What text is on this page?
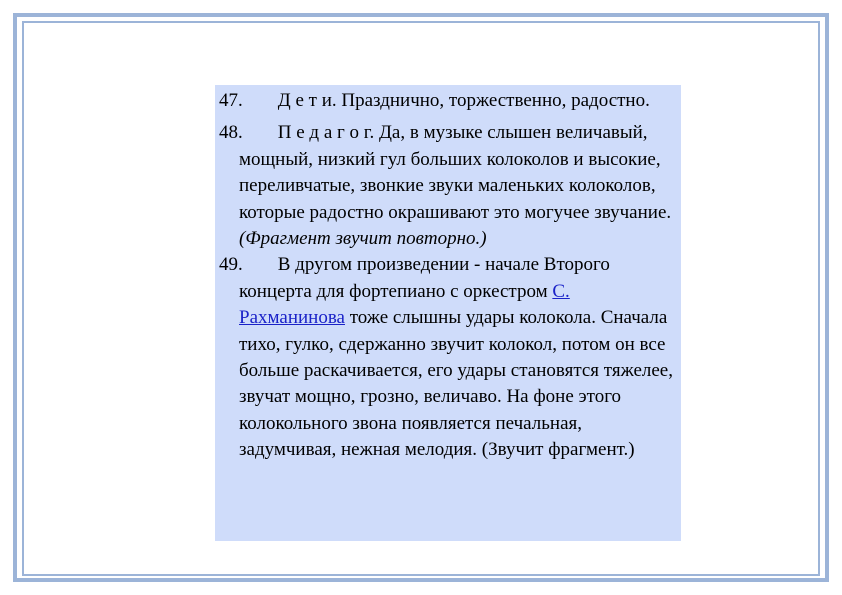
47. Д е т и. Празднично, торжественно, радостно.
48. П е д а г о г. Да, в музыке слышен величавый, мощный, низкий гул больших колоколов и высокие, переливчатые, звонкие звуки маленьких колоколов, которые радостно окрашивают это могучее звучание. (Фрагмент звучит повторно.)
49. В другом произведении - начале Второго концерта для фортепиано с оркестром С. Рахманинова тоже слышны удары колокола. Сначала тихо, гулко, сдержанно звучит колокол, потом он все больше раскачивается, его удары становятся тяжелее, звучат мощно, грозно, величаво. На фоне этого колокольного звона появляется печальная, задумчивая, нежная мелодия. (Звучит фрагмент.)
